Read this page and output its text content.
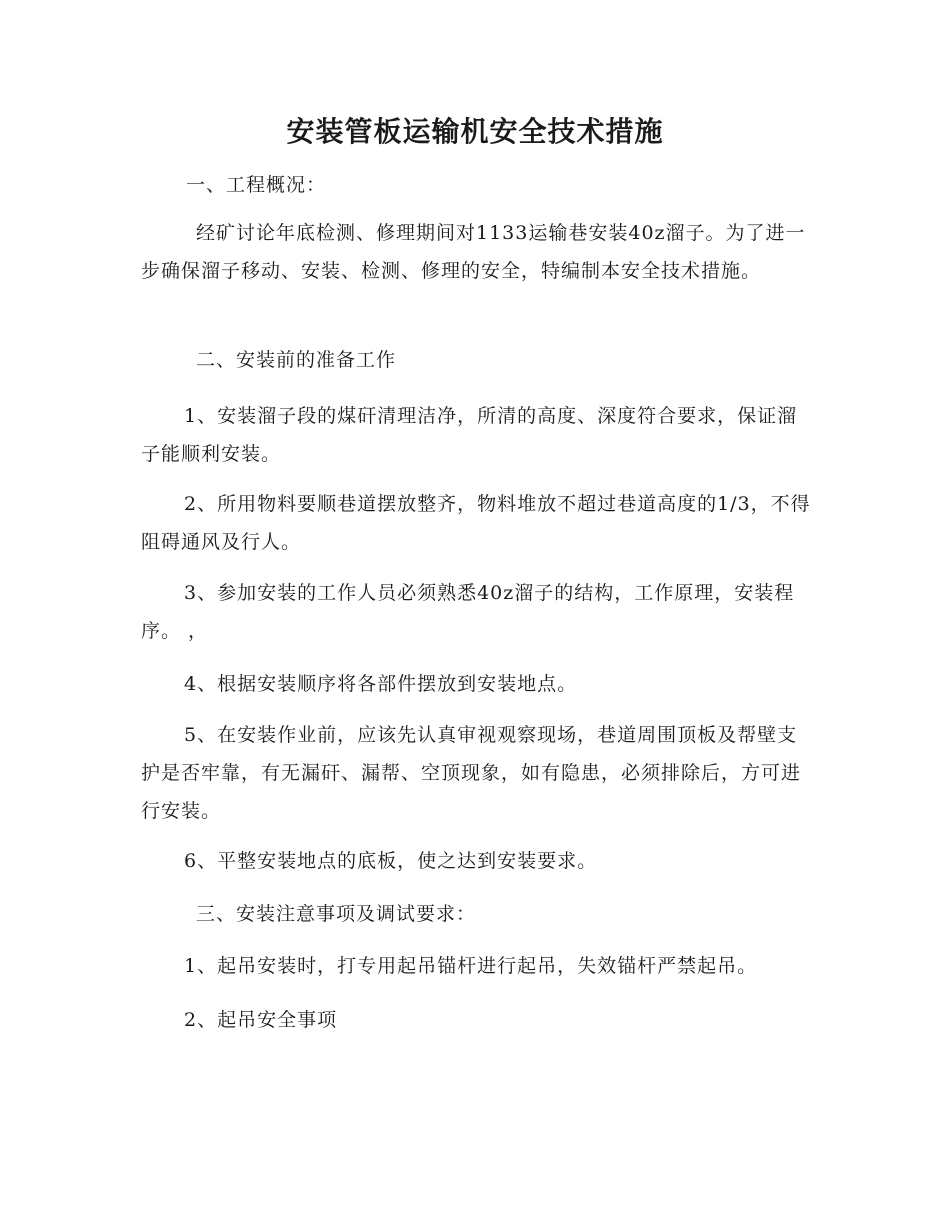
安装管板运输机安全技术措施

一、工程概况：

经矿讨论年底检测、修理期间对1133运输巷安装40z溜子。为了进一步确保溜子移动、安装、检测、修理的安全，特编制本安全技术措施。

二、安装前的准备工作

1、安装溜子段的煤矸清理洁净，所清的高度、深度符合要求，保证溜子能顺利安装。

2、所用物料要顺巷道摆放整齐，物料堆放不超过巷道高度的1/3，不得阻碍通风及行人。

3、参加安装的工作人员必须熟悉40z溜子的结构，工作原理，安装程序。 ，

4、根据安装顺序将各部件摆放到安装地点。

5、在安装作业前，应该先认真审视观察现场，巷道周围顶板及帮壁支护是否牢靠，有无漏矸、漏帮、空顶现象，如有隐患，必须排除后，方可进行安装。

6、平整安装地点的底板，使之达到安装要求。

三、安装注意事项及调试要求：

1、起吊安装时，打专用起吊锚杆进行起吊，失效锚杆严禁起吊。

2、起吊安全事项
